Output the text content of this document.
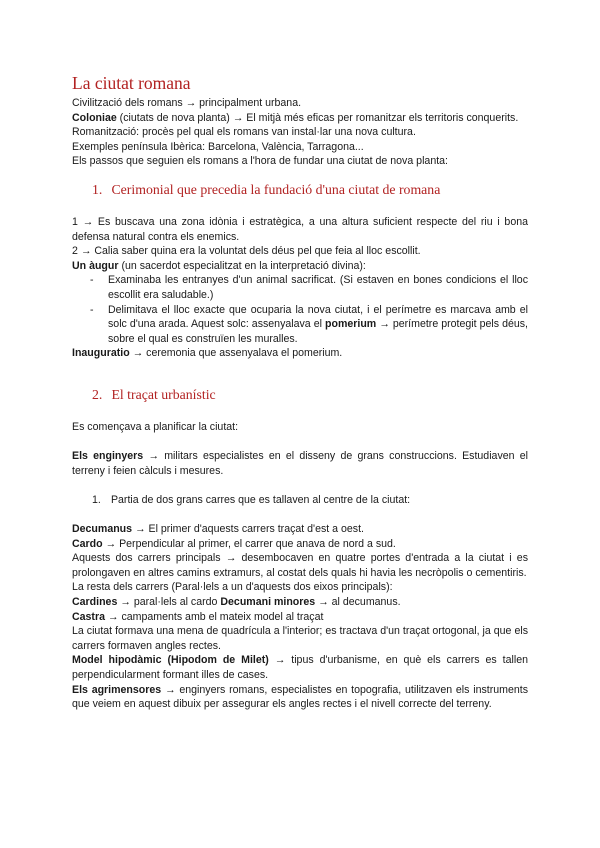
La ciutat romana

Civilització dels romans → principalment urbana.

Coloniae (ciutats de nova planta) → El mitjà més eficas per romanitzar els territoris conquerits.

Romanització: procès pel qual els romans van instal·lar una nova cultura.

Exemples península Ibèrica: Barcelona, València, Tarragona...

Els passos que seguien els romans a l'hora de fundar una ciutat de nova planta:

1. Cerimonial que precedia la fundació d'una ciutat de romana

1 → Es buscava una zona idònia i estratègica, a una altura suficient respecte del riu i bona defensa natural contra els enemics.

2 → Calia saber quina era la voluntat dels déus pel que feia al lloc escollit.

Un àugur (un sacerdot especialitzat en la interpretació divina):

- Examinaba les entranyes d'un animal sacrificat. (Si estaven en bones condicions el lloc escollit era saludable.)
- Delimitava el lloc exacte que ocuparia la nova ciutat, i el perímetre es marcava amb el solc d'una arada. Aquest solc: assenyalava el pomerium → perímetre protegit pels déus, sobre el qual es construïen les muralles.

Inauguratio → ceremonia que assenyalava el pomerium.

2. El traçat urbanístic

Es començava a planificar la ciutat:

Els enginyers → militars especialistes en el disseny de grans construccions. Estudiaven el terreny i feien càlculs i mesures.

1. Partia de dos grans carres que es tallaven al centre de la ciutat:

Decumanus → El primer d'aquests carrers traçat d'est a oest.

Cardo → Perpendicular al primer, el carrer que anava de nord a sud.

Aquests dos carrers principals → desembocaven en quatre portes d'entrada a la ciutat i es prolongaven en altres camins extramurs, al costat dels quals hi havia les necròpolis o cementiris.

La resta dels carrers (Paral·lels a un d'aquests dos eixos principals):

Cardines → paral·lels al cardo Decumani minores → al decumanus.

Castra → campaments amb el mateix model al traçat

La ciutat formava una mena de quadrícula a l'interior; es tractava d'un traçat ortogonal, ja que els carrers formaven angles rectes.

Model hipodàmic (Hipodom de Milet) → tipus d'urbanisme, en què els carrers es tallen perpendicularment formant illes de cases.

Els agrimensores → enginyers romans, especialistes en topografia, utilitzaven els instruments que veiem en aquest dibuix per assegurar els angles rectes i el nivell correcte del terreny.
